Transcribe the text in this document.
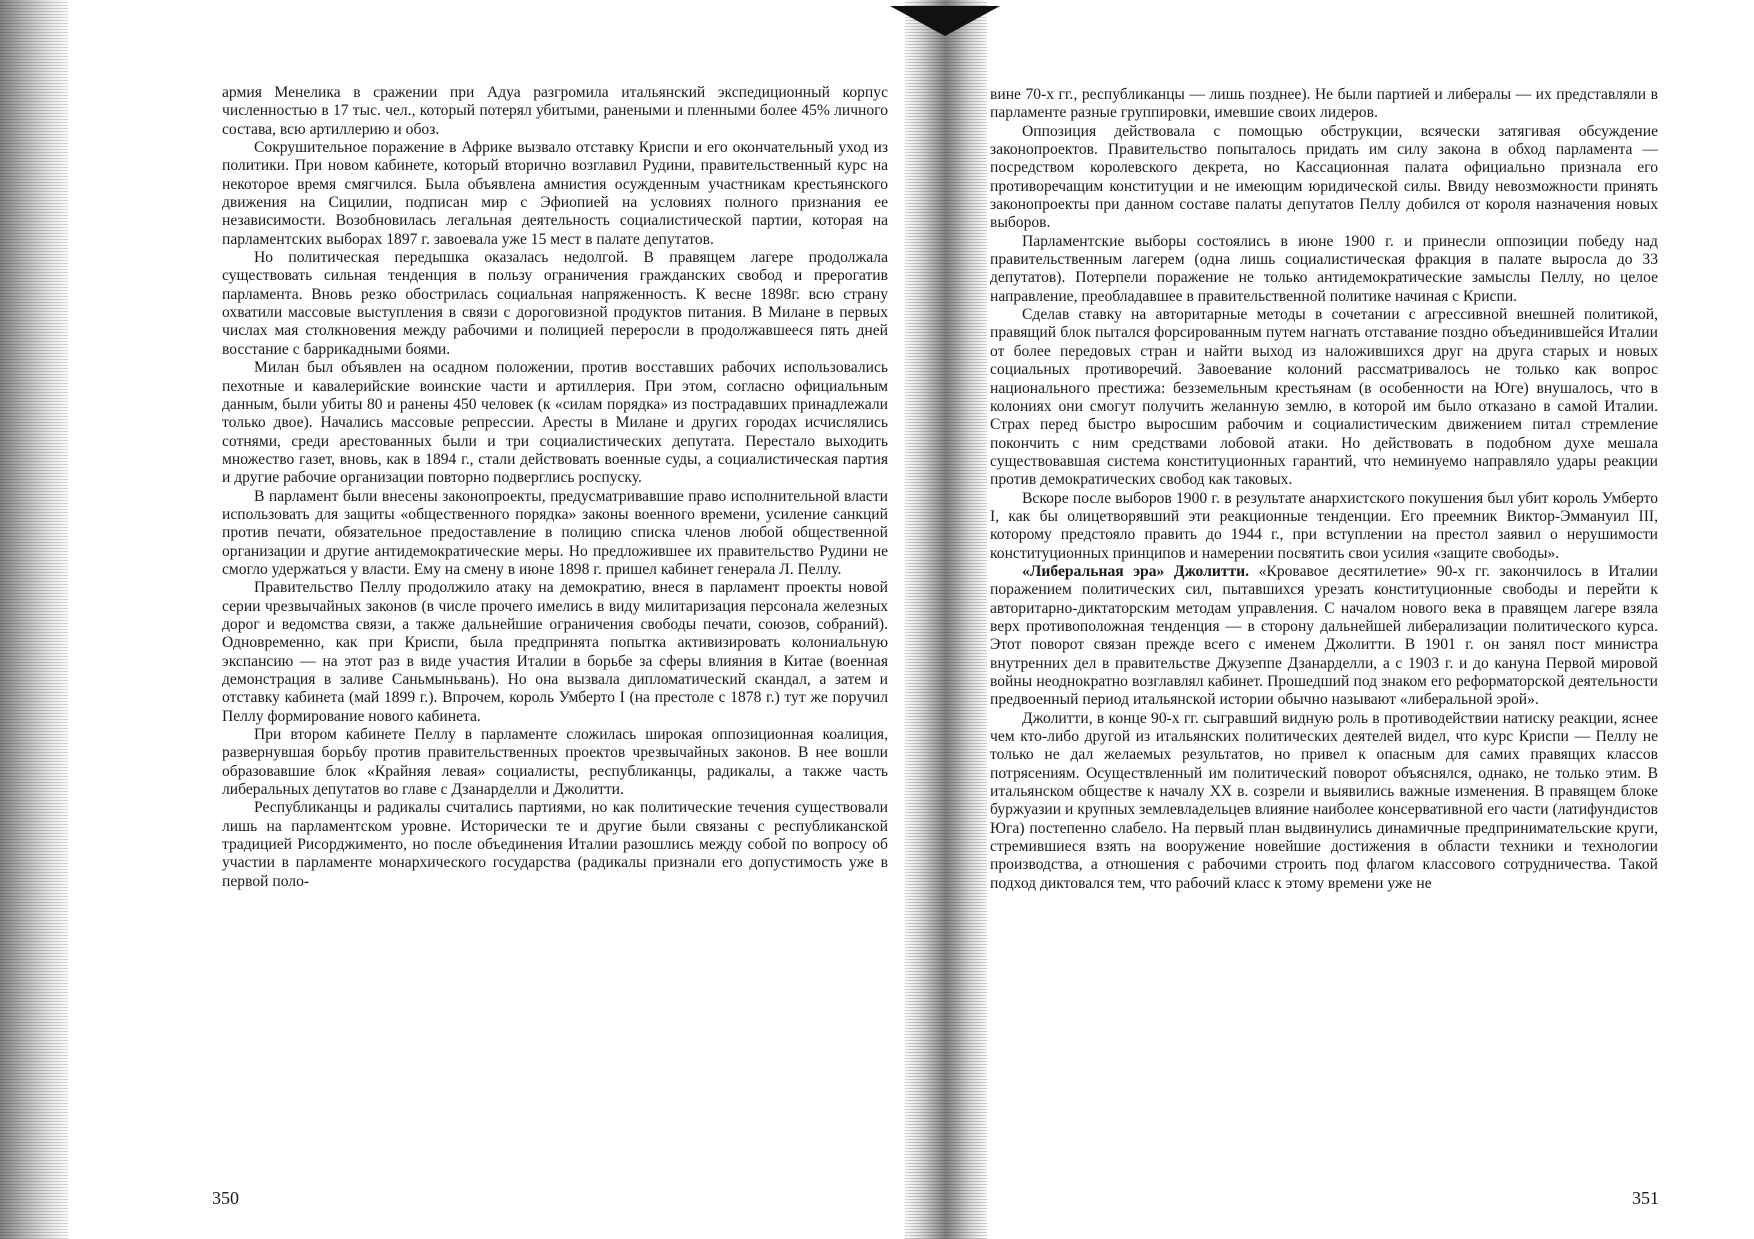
армия Менелика в сражении при Адуа разгромила итальянский экспедиционный корпус численностью в 17 тыс. чел., который потерял убитыми, ранеными и пленными более 45% личного состава, всю артиллерию и обоз.

Сокрушительное поражение в Африке вызвало отставку Криспи и его окончательный уход из политики. При новом кабинете, который вторично возглавил Рудини, правительственный курс на некоторое время смягчился. Была объявлена амнистия осужденным участникам крестьянского движения на Сицилии, подписан мир с Эфиопией на условиях полного признания ее независимости. Возобновилась легальная деятельность социалистической партии, которая на парламентских выборах 1897 г. завоевала уже 15 мест в палате депутатов.

Но политическая передышка оказалась недолгой. В правящем лагере продолжала существовать сильная тенденция в пользу ограничения гражданских свобод и прерогатив парламента. Вновь резко обострилась социальная напряженность. К весне 1898г. всю страну охватили массовые выступления в связи с дороговизной продуктов питания. В Милане в первых числах мая столкновения между рабочими и полицией переросли в продолжавшееся пять дней восстание с баррикадными боями.

Милан был объявлен на осадном положении, против восставших рабочих использовались пехотные и кавалерийские воинские части и артиллерия. При этом, согласно официальным данным, были убиты 80 и ранены 450 человек (к «силам порядка» из пострадавших принадлежали только двое). Начались массовые репрессии. Аресты в Милане и других городах исчислялись сотнями, среди арестованных были и три социалистических депутата. Перестало выходить множество газет, вновь, как в 1894 г., стали действовать военные суды, а социалистическая партия и другие рабочие организации повторно подверглись роспуску.

В парламент были внесены законопроекты, предусматривавшие право исполнительной власти использовать для защиты «общественного порядка» законы военного времени, усиление санкций против печати, обязательное предоставление в полицию списка членов любой общественной организации и другие антидемократические меры. Но предложившее их правительство Рудини не смогло удержаться у власти. Ему на смену в июне 1898 г. пришел кабинет генерала Л. Пеллу.

Правительство Пеллу продолжило атаку на демократию, внеся в парламент проекты новой серии чрезвычайных законов (в числе прочего имелись в виду милитаризация персонала железных дорог и ведомства связи, а также дальнейшие ограничения свободы печати, союзов, собраний). Одновременно, как при Криспи, была предпринята попытка активизировать колониальную экспансию — на этот раз в виде участия Италии в борьбе за сферы влияния в Китае (военная демонстрация в заливе Саньмыньвань). Но она вызвала дипломатический скандал, а затем и отставку кабинета (май 1899 г.). Впрочем, король Умберто I (на престоле с 1878 г.) тут же поручил Пеллу формирование нового кабинета.

При втором кабинете Пеллу в парламенте сложилась широкая оппозиционная коалиция, развернувшая борьбу против правительственных проектов чрезвычайных законов. В нее вошли образовавшие блок «Крайняя левая» социалисты, республиканцы, радикалы, а также часть либеральных депутатов во главе с Дзанарделли и Джолитти.

Республиканцы и радикалы считались партиями, но как политические течения существовали лишь на парламентском уровне. Исторически те и другие были связаны с республиканской традицией Рисорджименто, но после объединения Италии разошлись между собой по вопросу об участии в парламенте монархического государства (радикалы признали его допустимость уже в первой поло-

вине 70-х гг., республиканцы — лишь позднее). Не были партией и либералы — их представляли в парламенте разные группировки, имевшие своих лидеров.

Оппозиция действовала с помощью обструкции, всячески затягивая обсуждение законопроектов. Правительство попыталось придать им силу закона в обход парламента — посредством королевского декрета, но Кассационная палата официально признала его противоречащим конституции и не имеющим юридической силы. Ввиду невозможности принять законопроекты при данном составе палаты депутатов Пеллу добился от короля назначения новых выборов.

Парламентские выборы состоялись в июне 1900 г. и принесли оппозиции победу над правительственным лагерем (одна лишь социалистическая фракция в палате выросла до 33 депутатов). Потерпели поражение не только антидемократические замыслы Пеллу, но целое направление, преобладавшее в правительственной политике начиная с Криспи.

Сделав ставку на авторитарные методы в сочетании с агрессивной внешней политикой, правящий блок пытался форсированным путем нагнать отставание поздно объединившейся Италии от более передовых стран и найти выход из наложившихся друг на друга старых и новых социальных противоречий. Завоевание колоний рассматривалось не только как вопрос национального престижа: безземельным крестьянам (в особенности на Юге) внушалось, что в колониях они смогут получить желанную землю, в которой им было отказано в самой Италии. Страх перед быстро выросшим рабочим и социалистическим движением питал стремление покончить с ним средствами лобовой атаки. Но действовать в подобном духе мешала существовавшая система конституционных гарантий, что неминуемо направляло удары реакции против демократических свобод как таковых.

Вскоре после выборов 1900 г. в результате анархистского покушения был убит король Умберто I, как бы олицетворявший эти реакционные тенденции. Его преемник Виктор-Эммануил III, которому предстояло править до 1944 г., при вступлении на престол заявил о нерушимости конституционных принципов и намерении посвятить свои усилия «защите свободы».

«Либеральная эра» Джолитти. «Кровавое десятилетие» 90-х гг. закончилось в Италии поражением политических сил, пытавшихся урезать конституционные свободы и перейти к авторитарно-диктаторским методам управления. С началом нового века в правящем лагере взяла верх противоположная тенденция — в сторону дальнейшей либерализации политического курса. Этот поворот связан прежде всего с именем Джолитти. В 1901 г. он занял пост министра внутренних дел в правительстве Джузеппе Дзанарделли, а с 1903 г. и до кануна Первой мировой войны неоднократно возглавлял кабинет. Прошедший под знаком его реформаторской деятельности предвоенный период итальянской истории обычно называют «либеральной эрой».

Джолитти, в конце 90-х гг. сыгравший видную роль в противодействии натиску реакции, яснее чем кто-либо другой из итальянских политических деятелей видел, что курс Криспи — Пеллу не только не дал желаемых результатов, но привел к опасным для самих правящих классов потрясениям. Осуществленный им политический поворот объяснялся, однако, не только этим. В итальянском обществе к началу XX в. созрели и выявились важные изменения. В правящем блоке буржуазии и крупных землевладельцев влияние наиболее консервативной его части (латифундистов Юга) постепенно слабело. На первый план выдвинулись динамичные предпринимательские круги, стремившиеся взять на вооружение новейшие достижения в области техники и технологии производства, а отношения с рабочими строить под флагом классового сотрудничества. Такой подход диктовался тем, что рабочий класс к этому времени уже не

350	351
